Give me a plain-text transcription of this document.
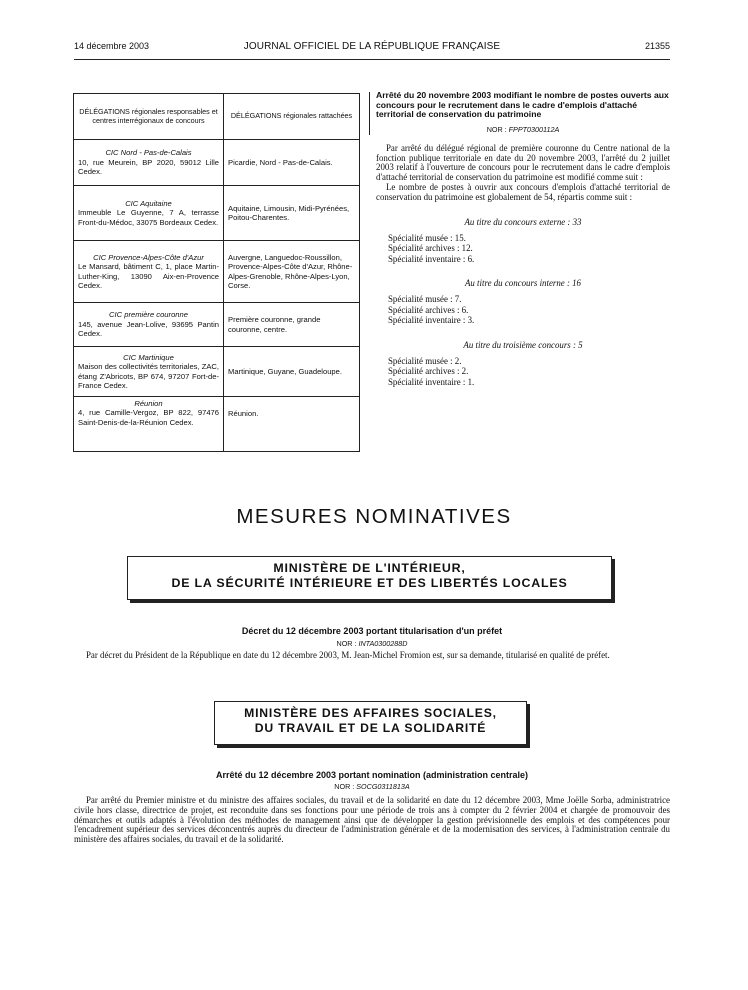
14 décembre 2003	JOURNAL OFFICIEL DE LA RÉPUBLIQUE FRANÇAISE	21355
DÉLÉGATIONS régionales responsables et centres interrégionaux de concours	DÉLÉGATIONS régionales rattachées

CIC Nord - Pas-de-Calais
10, rue Meurein, BP 2020, 59012 Lille Cedex.	Picardie, Nord - Pas-de-Calais.

CIC Aquitaine
Immeuble Le Guyenne, 7 A, terrasse Front-du-Médoc, 33075 Bordeaux Cedex.	Aquitaine, Limousin, Midi-Pyrénées, Poitou-Charentes.

CIC Provence-Alpes-Côte d'Azur
Le Mansard, bâtiment C, 1, place Martin-Luther-King, 13090 Aix-en-Provence Cedex.	Auvergne, Languedoc-Roussillon, Provence-Alpes-Côte d'Azur, Rhône-Alpes-Grenoble, Rhône-Alpes-Lyon, Corse.

CIC première couronne
145, avenue Jean-Lolive, 93695 Pantin Cedex.	Première couronne, grande couronne, centre.

CIC Martinique
Maison des collectivités territoriales, ZAC, étang Z'Abricots, BP 674, 97207 Fort-de-France Cedex.	Martinique, Guyane, Guadeloupe.

Réunion
4, rue Camille-Vergoz, BP 822, 97476 Saint-Denis-de-la-Réunion Cedex.	Réunion.

Arrêté du 20 novembre 2003 modifiant le nombre de postes ouverts aux concours pour le recrutement dans le cadre d'emplois d'attaché territorial de conservation du patrimoine

NOR : FPPT0300112A

Par arrêté du délégué régional de première couronne du Centre national de la fonction publique territoriale en date du 20 novembre 2003, l'arrêté du 2 juillet 2003 relatif à l'ouverture de concours pour le recrutement dans le cadre d'emplois d'attaché territorial de conservation du patrimoine est modifié comme suit :

Le nombre de postes à ouvrir aux concours d'emplois d'attaché territorial de conservation du patrimoine est globalement de 54, répartis comme suit :

Au titre du concours externe : 33

Spécialité musée : 15.

Spécialité archives : 12.

Spécialité inventaire : 6.

Au titre du concours interne : 16

Spécialité musée : 7.

Spécialité archives : 6.

Spécialité inventaire : 3.

Au titre du troisième concours : 5

Spécialité musée : 2.

Spécialité archives : 2.

Spécialité inventaire : 1.

MESURES NOMINATIVES
MINISTÈRE DE L'INTÉRIEUR,
DE LA SÉCURITÉ INTÉRIEURE ET DES LIBERTÉS LOCALES
Décret du 12 décembre 2003 portant titularisation d'un préfet
NOR : INTA0300288D

Par décret du Président de la République en date du 12 décembre 2003, M. Jean-Michel Fromion est, sur sa demande, titularisé en qualité de préfet.

MINISTÈRE DES AFFAIRES SOCIALES,
DU TRAVAIL ET DE LA SOLIDARITÉ
Arrêté du 12 décembre 2003 portant nomination (administration centrale)
NOR : SOCG0311813A

Par arrêté du Premier ministre et du ministre des affaires sociales, du travail et de la solidarité en date du 12 décembre 2003, Mme Joëlle Sorba, administratrice civile hors classe, directrice de projet, est reconduite dans ses fonctions pour une période de trois ans à compter du 2 février 2004 et chargée de promouvoir des démarches et outils adaptés à l'évolution des méthodes de management ainsi que de développer la gestion prévisionnelle des emplois et des compétences pour l'encadrement supérieur des services déconcentrés auprès du directeur de l'administration générale et de la modernisation des services, à l'administration centrale du ministère des affaires sociales, du travail et de la solidarité.
